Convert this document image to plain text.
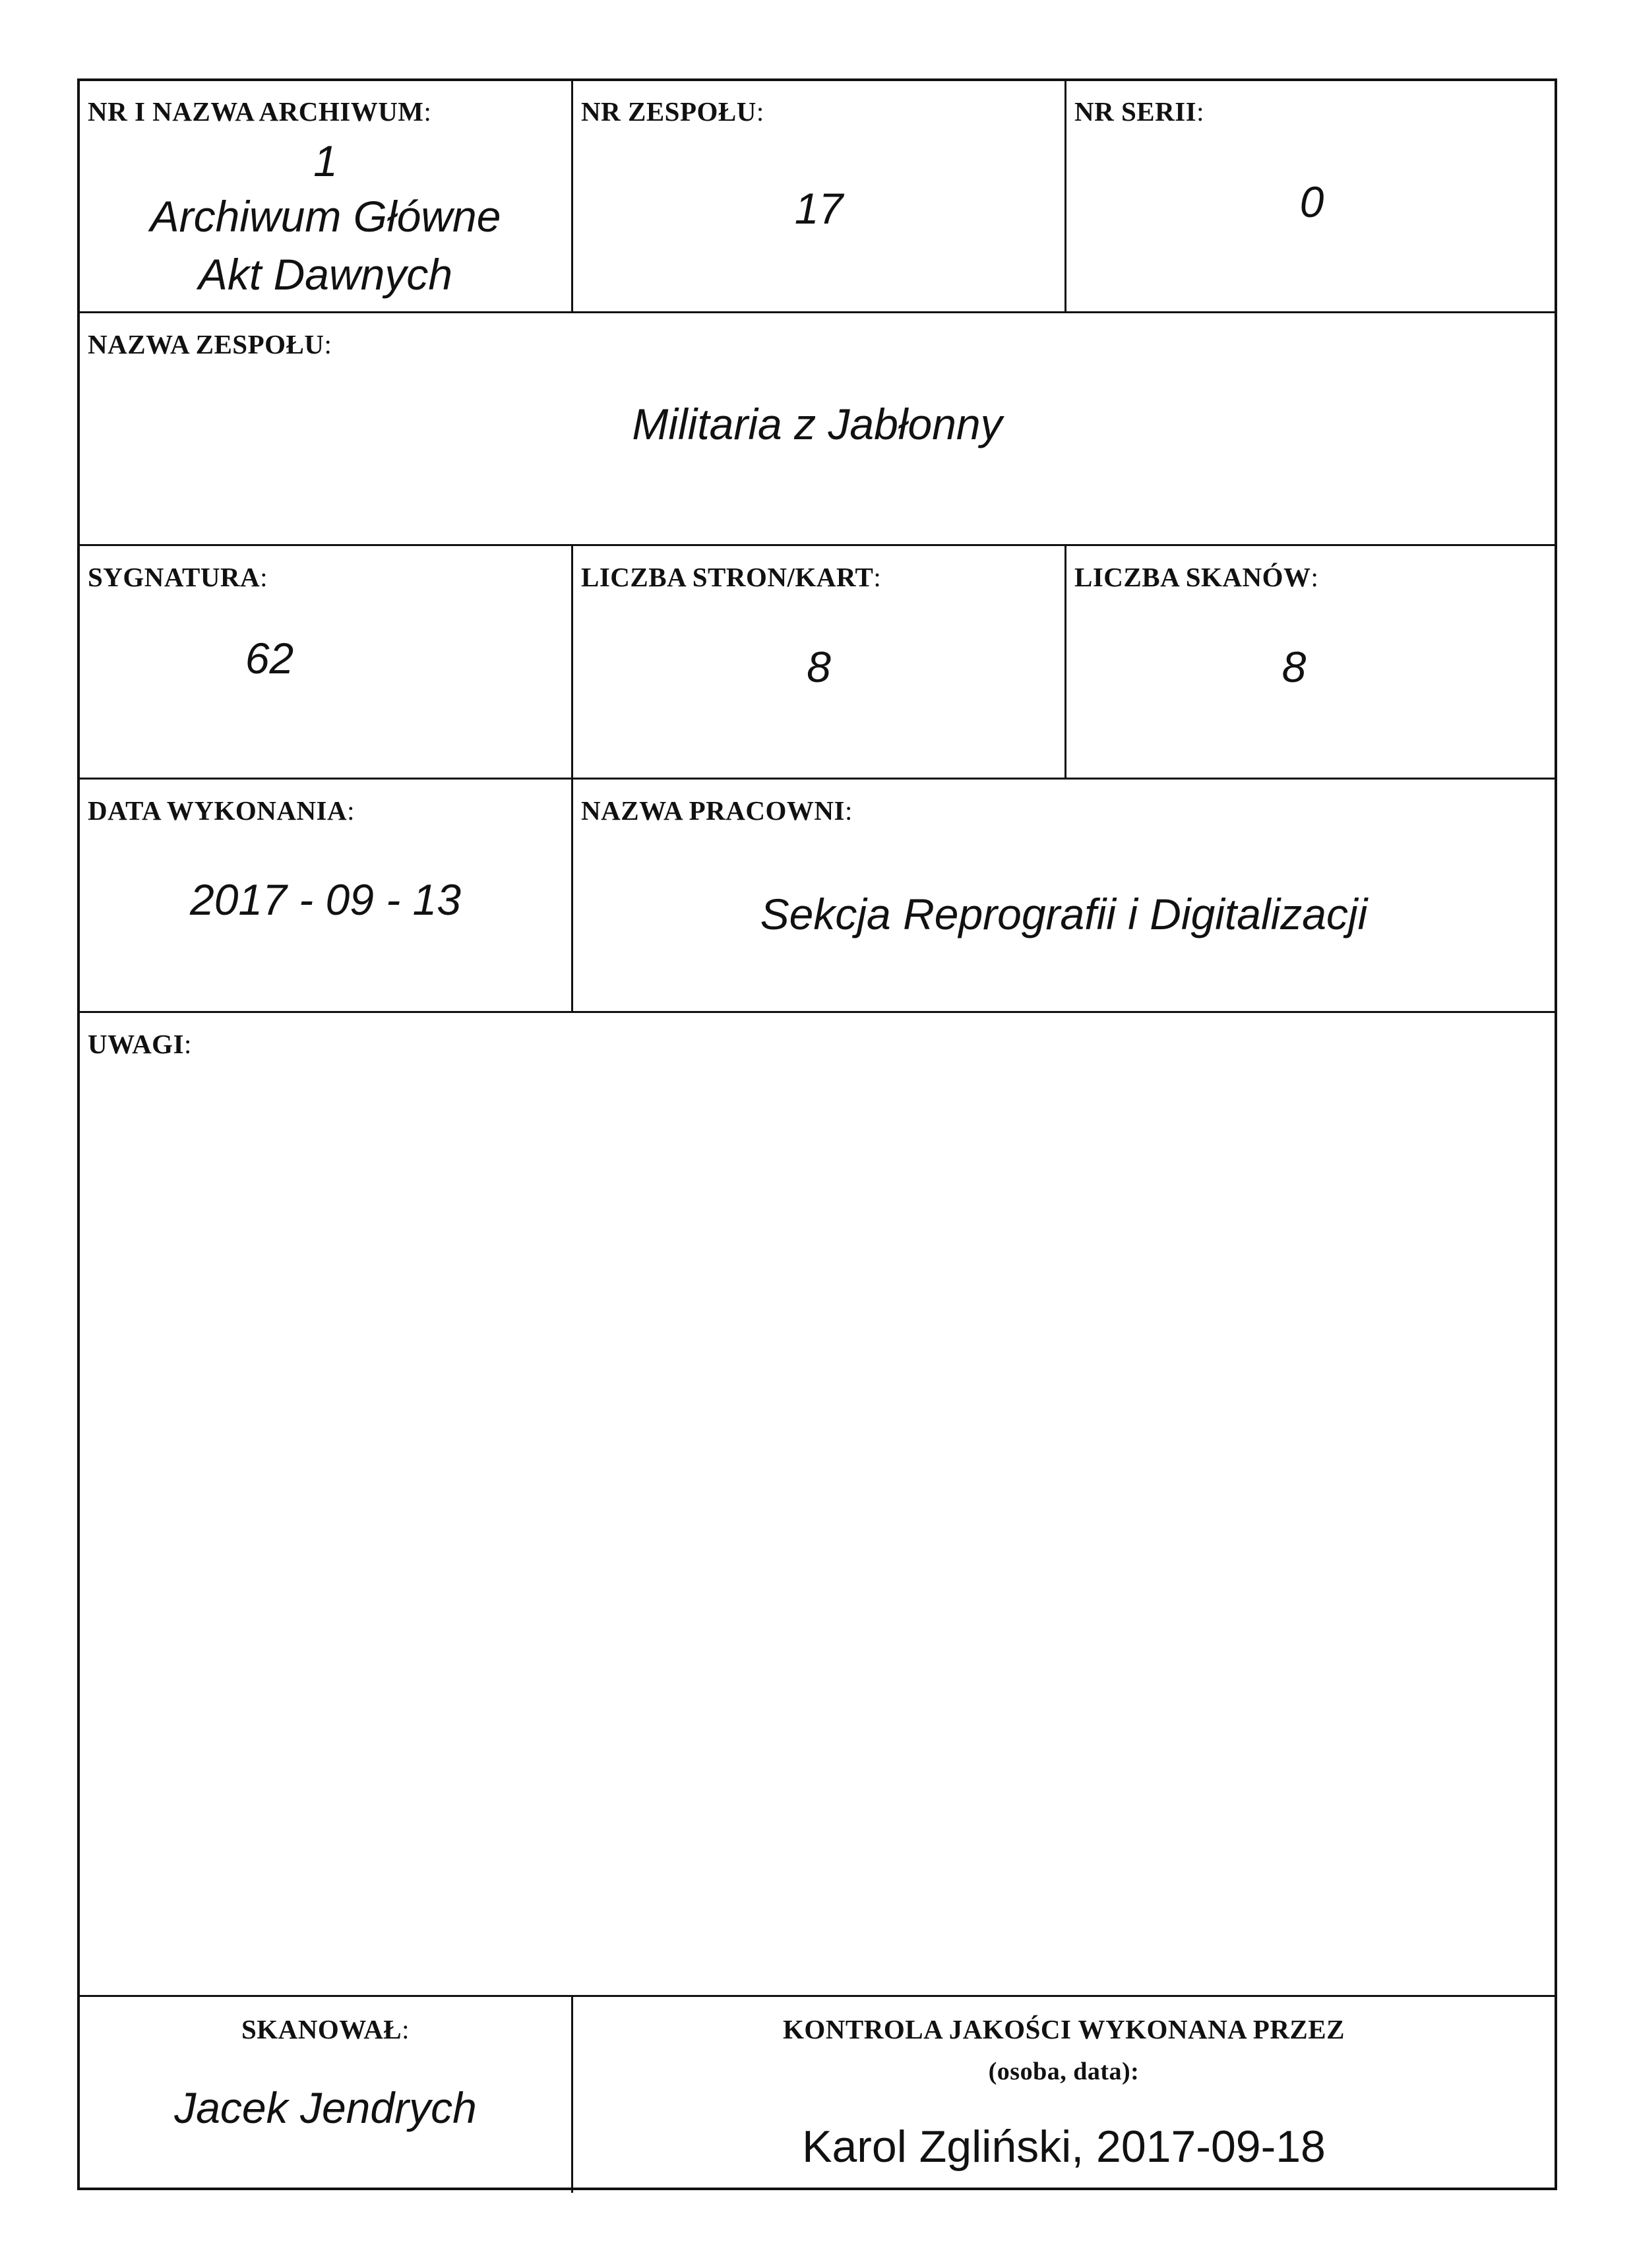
NR I NAZWA ARCHIWUM:
1
Archiwum Główne
Akt Dawnych
NR ZESPOŁU:
17
NR SERII:
0
NAZWA ZESPOŁU:
Militaria z Jabłonny
SYGNATURA:
62
LICZBA STRON/KART:
8
LICZBA SKANÓW:
8
DATA WYKONANIA:
2017 - 09 - 13
NAZWA PRACOWNI:
Sekcja Reprografii i Digitalizacji
UWAGI:
SKANOWAŁ:
Jacek Jendrych
KONTROLA JAKOŚCI WYKONANA PRZEZ
(osoba, data):
Karol Zgliński, 2017-09-18
